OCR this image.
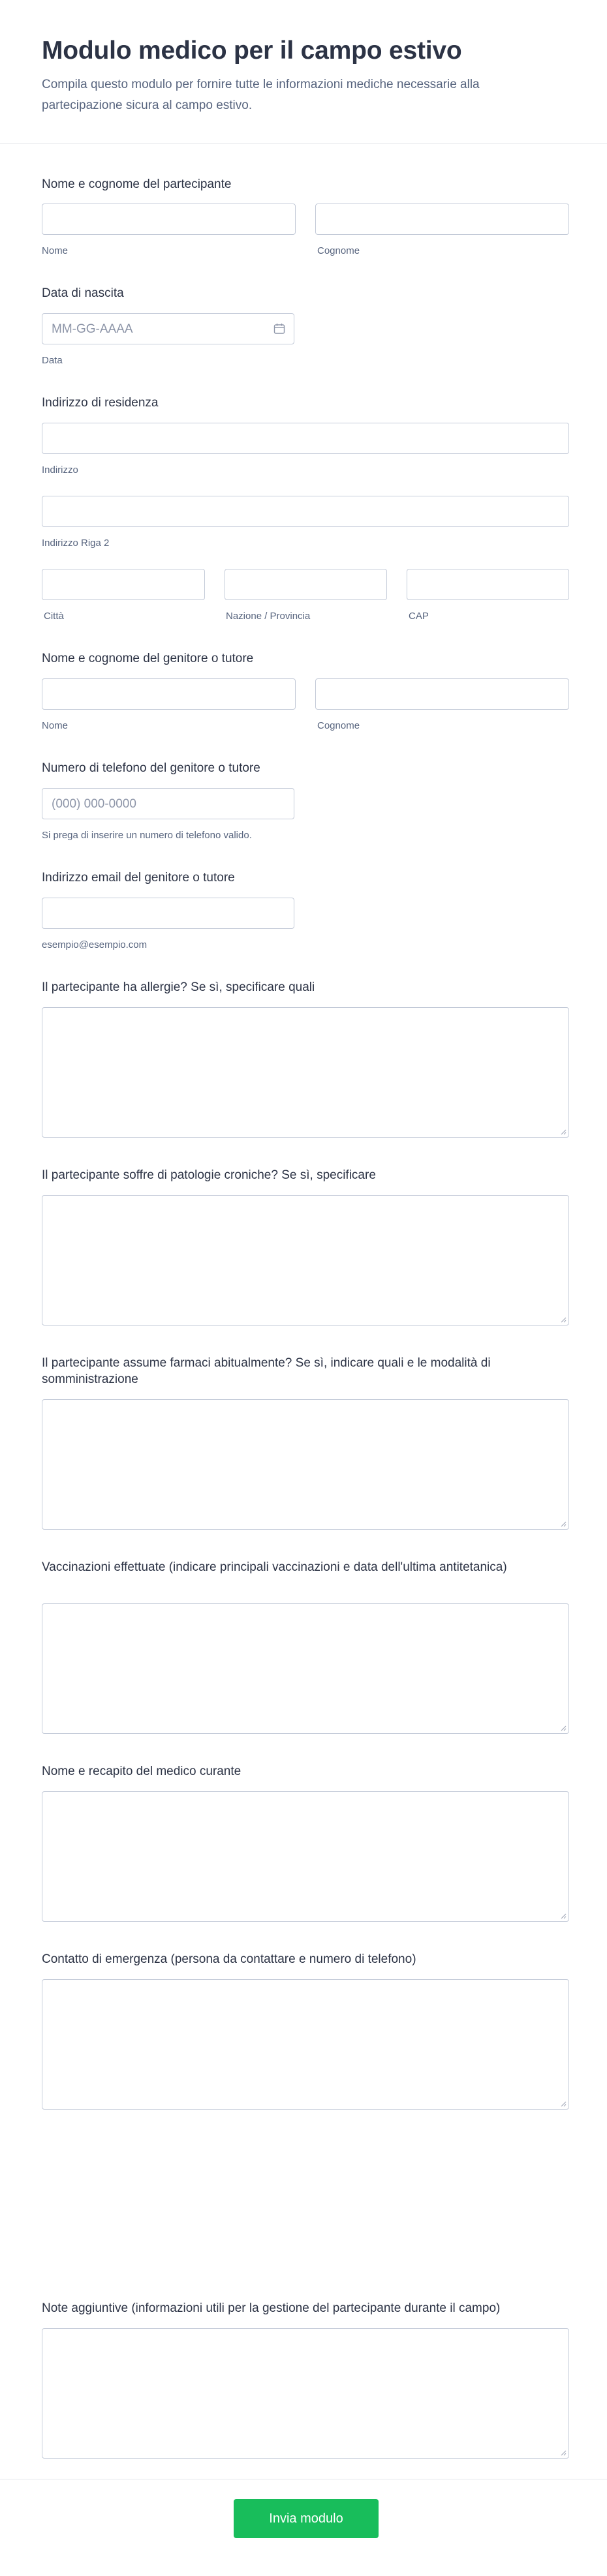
Modulo medico per il campo estivo

Compila questo modulo per fornire tutte le informazioni mediche necessarie alla partecipazione sicura al campo estivo.

Nome e cognome del partecipante
Nome	Cognome
Data di nascita
MM-GG-AAAA
Data
Indirizzo di residenza
Indirizzo
Indirizzo Riga 2
Città	Nazione / Provincia	CAP
Nome e cognome del genitore o tutore
Nome	Cognome
Numero di telefono del genitore o tutore
(000) 000-0000
Si prega di inserire un numero di telefono valido.
Indirizzo email del genitore o tutore
esempio@esempio.com
Il partecipante ha allergie? Se sì, specificare quali
Il partecipante soffre di patologie croniche? Se sì, specificare
Il partecipante assume farmaci abitualmente? Se sì, indicare quali e le modalità di somministrazione
Vaccinazioni effettuate (indicare principali vaccinazioni e data dell'ultima antitetanica)
Nome e recapito del medico curante
Contatto di emergenza (persona da contattare e numero di telefono)
Note aggiuntive (informazioni utili per la gestione del partecipante durante il campo)
Invia modulo
